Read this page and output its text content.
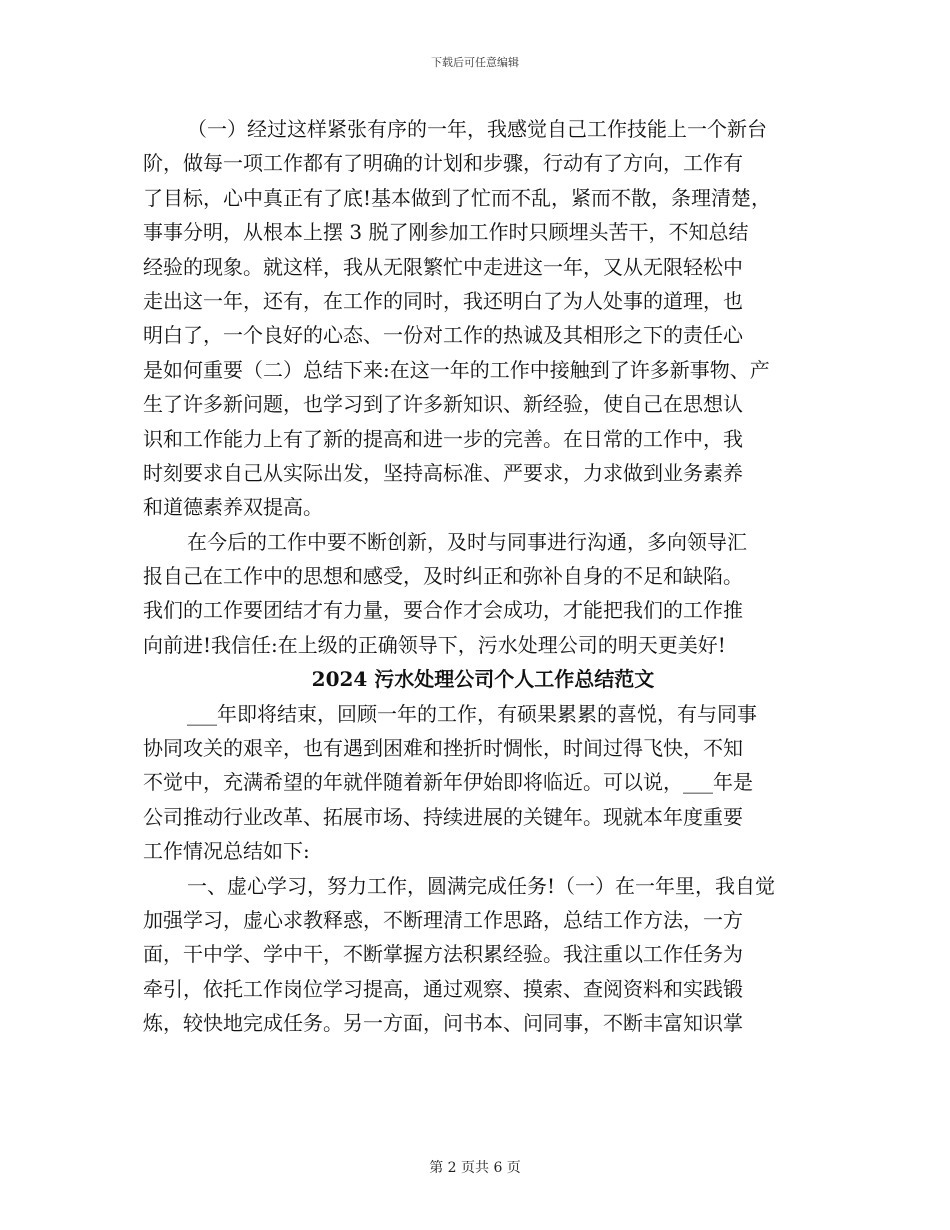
下载后可任意编辑
（一）经过这样紧张有序的一年，我感觉自己工作技能上一个新台
阶，做每一项工作都有了明确的计划和步骤，行动有了方向，工作有
了目标，心中真正有了底!基本做到了忙而不乱，紧而不散，条理清楚，
事事分明，从根本上摆 3 脱了刚参加工作时只顾埋头苦干，不知总结
经验的现象。就这样，我从无限繁忙中走进这一年，又从无限轻松中
走出这一年，还有，在工作的同时，我还明白了为人处事的道理，也
明白了，一个良好的心态、一份对工作的热诚及其相形之下的责任心
是如何重要（二）总结下来:在这一年的工作中接触到了许多新事物、产
生了许多新问题，也学习到了许多新知识、新经验，使自己在思想认
识和工作能力上有了新的提高和进一步的完善。在日常的工作中，我
时刻要求自己从实际出发，坚持高标准、严要求，力求做到业务素养
和道德素养双提高。
在今后的工作中要不断创新，及时与同事进行沟通，多向领导汇
报自己在工作中的思想和感受，及时纠正和弥补自身的不足和缺陷。
我们的工作要团结才有力量，要合作才会成功，才能把我们的工作推
向前进!我信任:在上级的正确领导下，污水处理公司的明天更美好!
2024 污水处理公司个人工作总结范文
___年即将结束，回顾一年的工作，有硕果累累的喜悦，有与同事
协同攻关的艰辛，也有遇到困难和挫折时惆怅，时间过得飞快，不知
不觉中，充满希望的年就伴随着新年伊始即将临近。可以说，___年是
公司推动行业改革、拓展市场、持续进展的关键年。现就本年度重要
工作情况总结如下:
一、虚心学习，努力工作，圆满完成任务!（一）在一年里，我自觉
加强学习，虚心求教释惑，不断理清工作思路，总结工作方法，一方
面，干中学、学中干，不断掌握方法积累经验。我注重以工作任务为
牵引，依托工作岗位学习提高，通过观察、摸索、查阅资料和实践锻
炼，较快地完成任务。另一方面，问书本、问同事，不断丰富知识掌
第 2 页共 6 页
